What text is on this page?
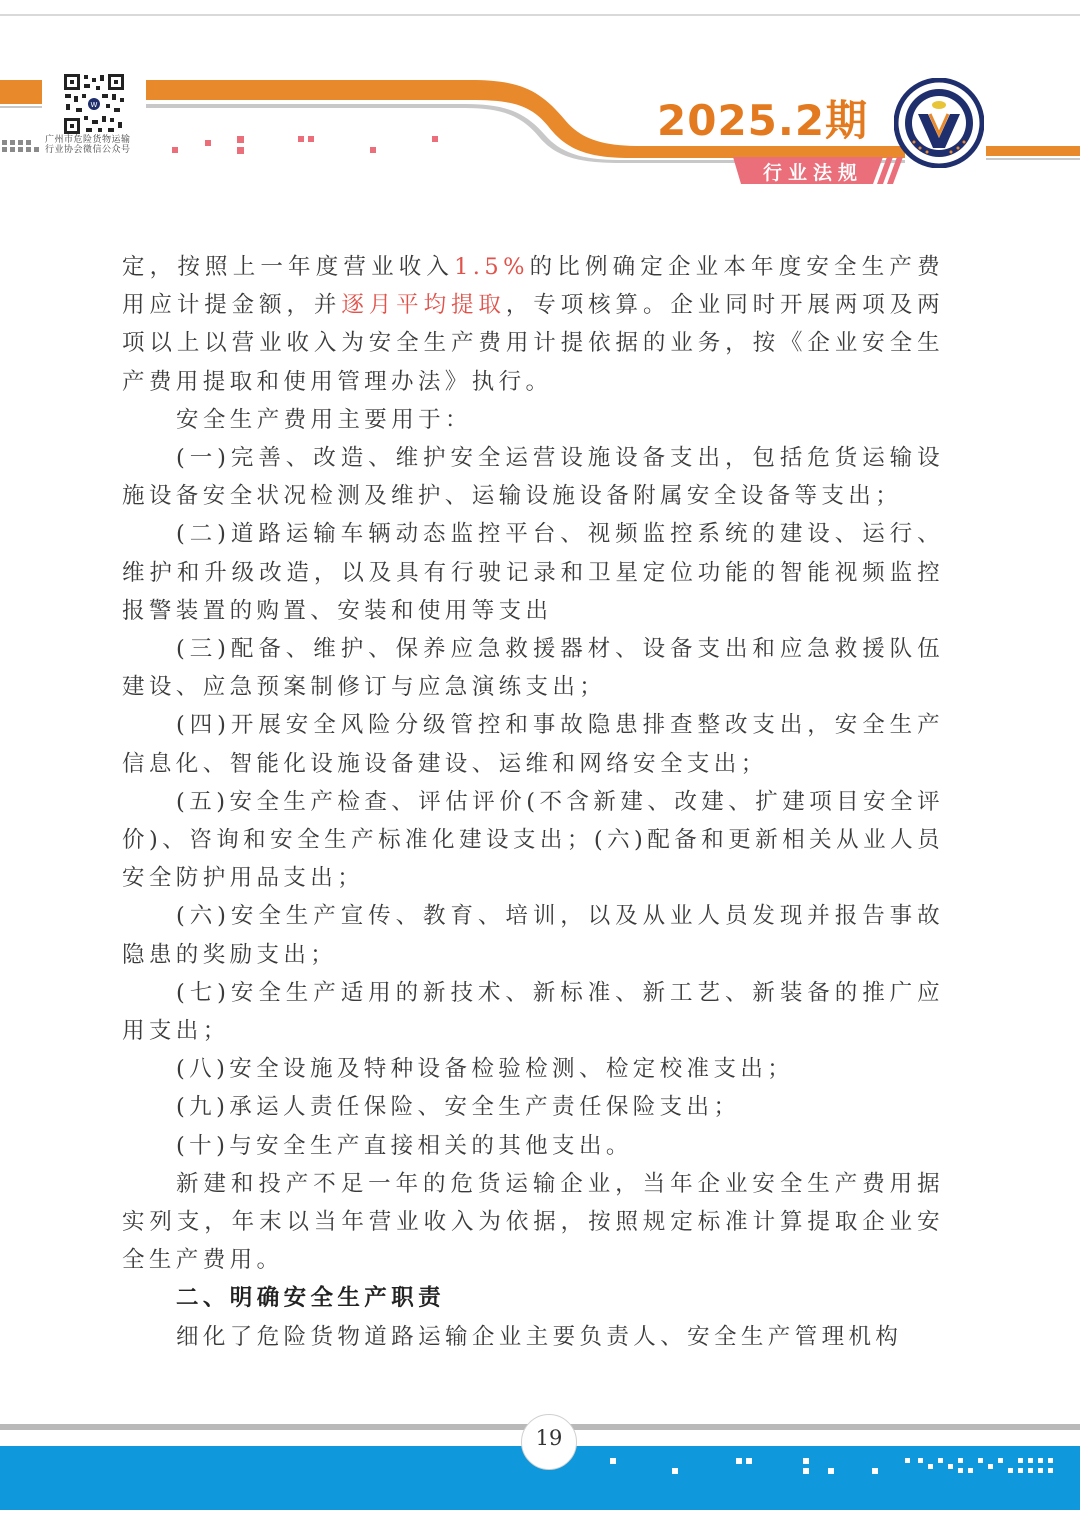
W
广州市危险货物运输
行业协会微信公众号
2025.2期
行业法规

定，按照上一年度营业收入1.5%的比例确定企业本年度安全生产费用应计提金额，并逐月平均提取，专项核算。企业同时开展两项及两项以上以营业收入为安全生产费用计提依据的业务，按《企业安全生产费用提取和使用管理办法》执行。

安全生产费用主要用于：

(一)完善、改造、维护安全运营设施设备支出，包括危货运输设施设备安全状况检测及维护、运输设施设备附属安全设备等支出；

(二)道路运输车辆动态监控平台、视频监控系统的建设、运行、维护和升级改造，以及具有行驶记录和卫星定位功能的智能视频监控报警装置的购置、安装和使用等支出

(三)配备、维护、保养应急救援器材、设备支出和应急救援队伍建设、应急预案制修订与应急演练支出；

(四)开展安全风险分级管控和事故隐患排查整改支出，安全生产信息化、智能化设施设备建设、运维和网络安全支出；

(五)安全生产检查、评估评价(不含新建、改建、扩建项目安全评价)、咨询和安全生产标准化建设支出；(六)配备和更新相关从业人员安全防护用品支出；

(六)安全生产宣传、教育、培训，以及从业人员发现并报告事故隐患的奖励支出；

(七)安全生产适用的新技术、新标准、新工艺、新装备的推广应用支出；

(八)安全设施及特种设备检验检测、检定校准支出；

(九)承运人责任保险、安全生产责任保险支出；

(十)与安全生产直接相关的其他支出。

新建和投产不足一年的危货运输企业，当年企业安全生产费用据实列支，年末以当年营业收入为依据，按照规定标准计算提取企业安全生产费用。

二、明确安全生产职责

细化了危险货物道路运输企业主要负责人、安全生产管理机构

19
